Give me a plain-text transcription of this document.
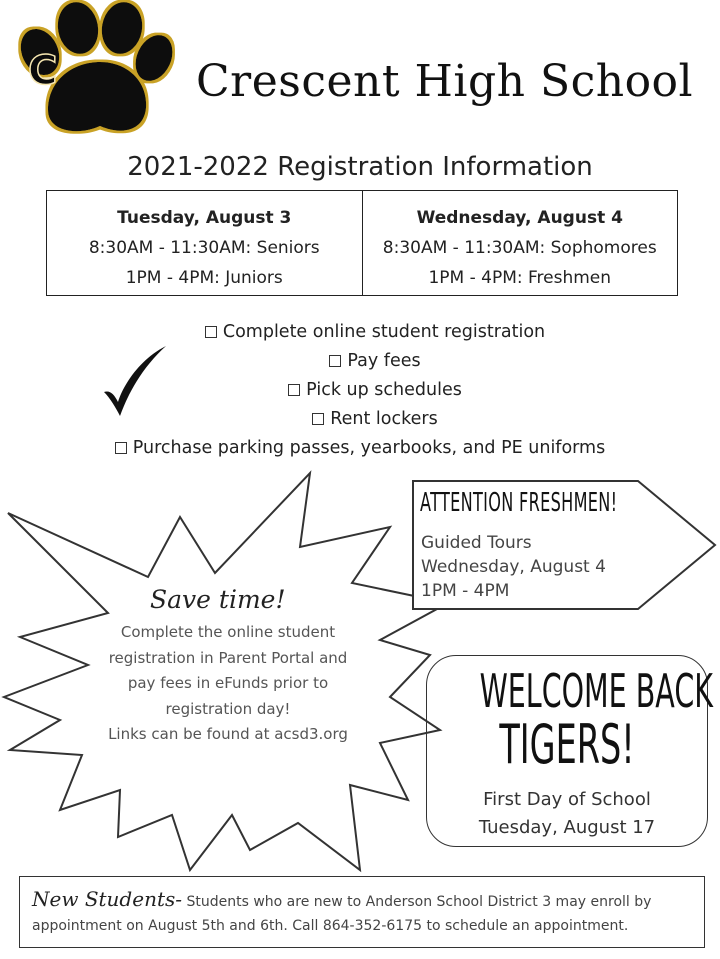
C	Crescent High School
2021-2022 Registration Information
Tuesday, August 3
8:30AM - 11:30AM: Seniors
1PM - 4PM: Juniors
Wednesday, August 4
8:30AM - 11:30AM: Sophomores
1PM - 4PM: Freshmen
Complete online student registration
Pay fees
Pick up schedules
Rent lockers
Purchase parking passes, yearbooks, and PE uniforms
Save time!
Complete the online student
registration in Parent Portal and
pay fees in eFunds prior to
registration day!
Links can be found at acsd3.org
ATTENTION FRESHMEN!
Guided Tours
Wednesday, August 4
1PM - 4PM
WELCOME BACK
TIGERS!
First Day of School
Tuesday, August 17
New Students- Students who are new to Anderson School District 3 may enroll by
appointment on August 5th and 6th. Call 864-352-6175 to schedule an appointment.
